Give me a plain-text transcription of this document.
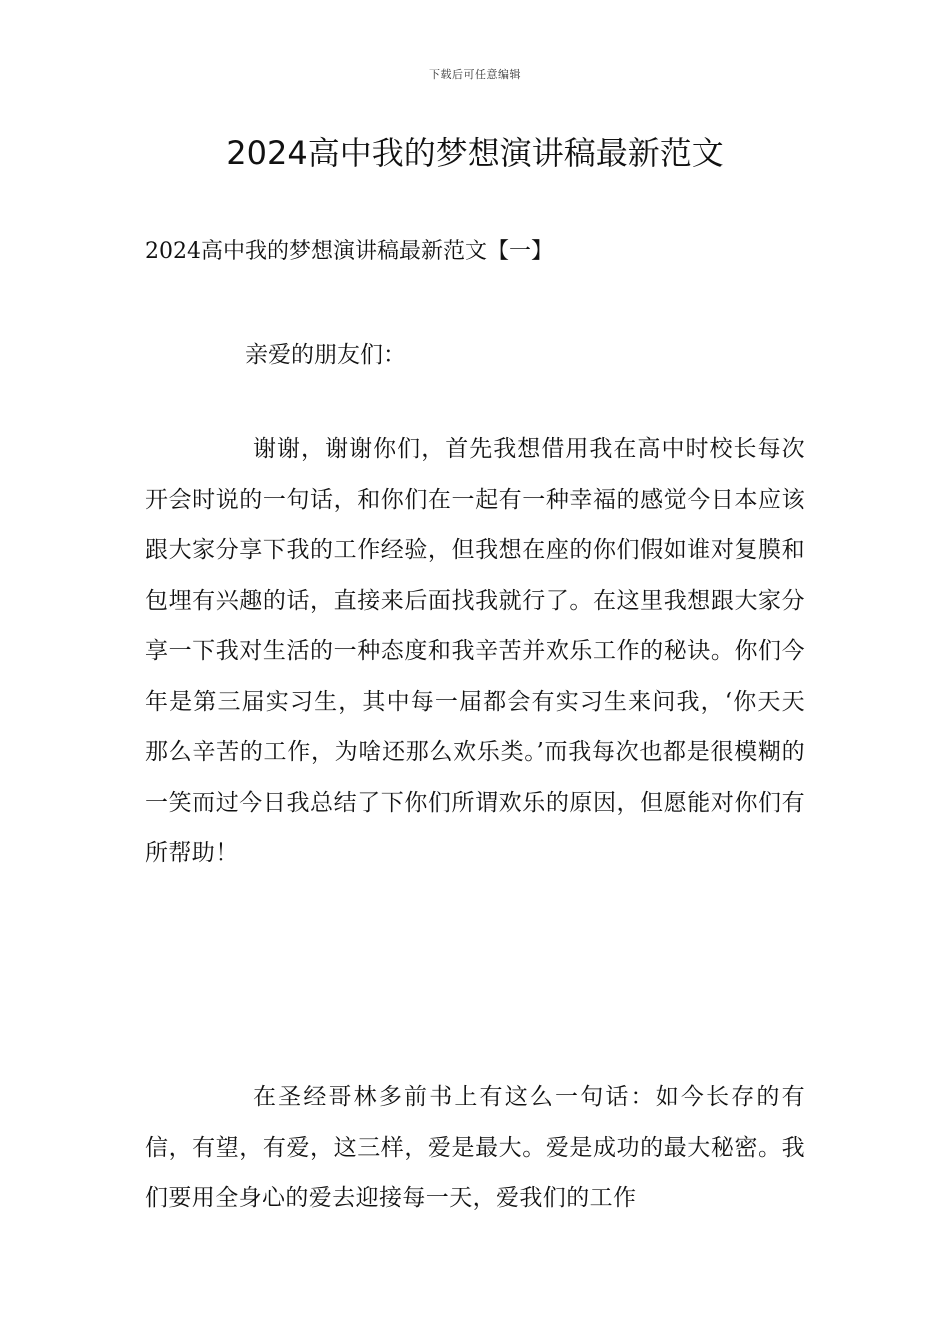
下载后可任意编辑
2024高中我的梦想演讲稿最新范文
2024高中我的梦想演讲稿最新范文【一】

亲爱的朋友们：

谢谢，谢谢你们，首先我想借用我在高中时校长每次开会时说的一句话，和你们在一起有一种幸福的感觉今日本应该跟大家分享下我的工作经验，但我想在座的你们假如谁对复膜和包埋有兴趣的话，直接来后面找我就行了。在这里我想跟大家分享一下我对生活的一种态度和我辛苦并欢乐工作的秘诀。你们今年是第三届实习生，其中每一届都会有实习生来问我，‘你天天那么辛苦的工作，为啥还那么欢乐类。’而我每次也都是很模糊的一笑而过今日我总结了下你们所谓欢乐的原因，但愿能对你们有所帮助！

在圣经哥林多前书上有这么一句话：如今长存的有信，有望，有爱，这三样，爱是最大。爱是成功的最大秘密。我们要用全身心的爱去迎接每一天，爱我们的工作
